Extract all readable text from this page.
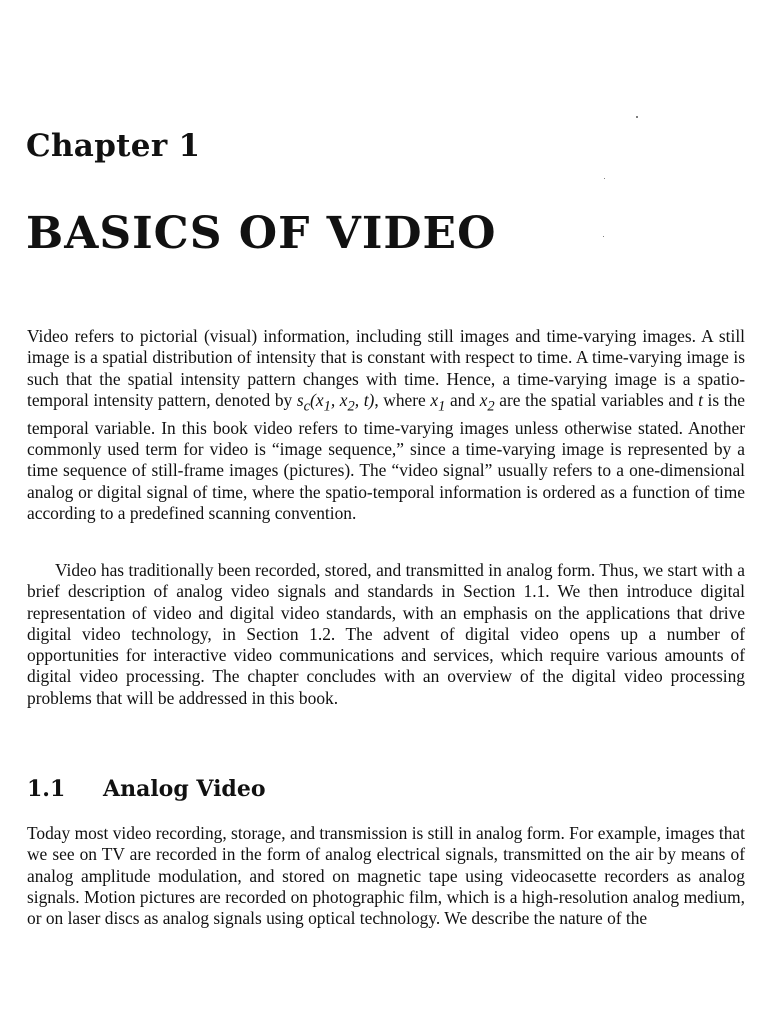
Chapter 1
BASICS OF VIDEO

Video refers to pictorial (visual) information, including still images and time-varying images. A still image is a spatial distribution of intensity that is constant with respect to time. A time-varying image is such that the spatial intensity pattern changes with time. Hence, a time-varying image is a spatio-temporal intensity pattern, denoted by $s_c(x_1$, $x_2$, t), where $x_1$ and $x_2$ are the spatial variables and t is the temporal variable. In this book video refers to time-varying images unless otherwise stated. Another commonly used term for video is “image sequence,” since a time-varying image is represented by a time sequence of still-frame images (pictures). The “video signal” usually refers to a one-dimensional analog or digital signal of time, where the spatio-temporal information is ordered as a function of time according to a predefined scanning convention.

Video has traditionally been recorded, stored, and transmitted in analog form. Thus, we start with a brief description of analog video signals and standards in Section 1.1. We then introduce digital representation of video and digital video standards, with an emphasis on the applications that drive digital video technology, in Section 1.2. The advent of digital video opens up a number of opportunities for interactive video communications and services, which require various amounts of digital video processing. The chapter concludes with an overview of the digital video processing problems that will be addressed in this book.

1.1 Analog Video

Today most video recording, storage, and transmission is still in analog form. For example, images that we see on TV are recorded in the form of analog electrical signals, transmitted on the air by means of analog amplitude modulation, and stored on magnetic tape using videocasette recorders as analog signals. Motion pictures are recorded on photographic film, which is a high-resolution analog medium, or on laser discs as analog signals using optical technology. We describe the nature of the
